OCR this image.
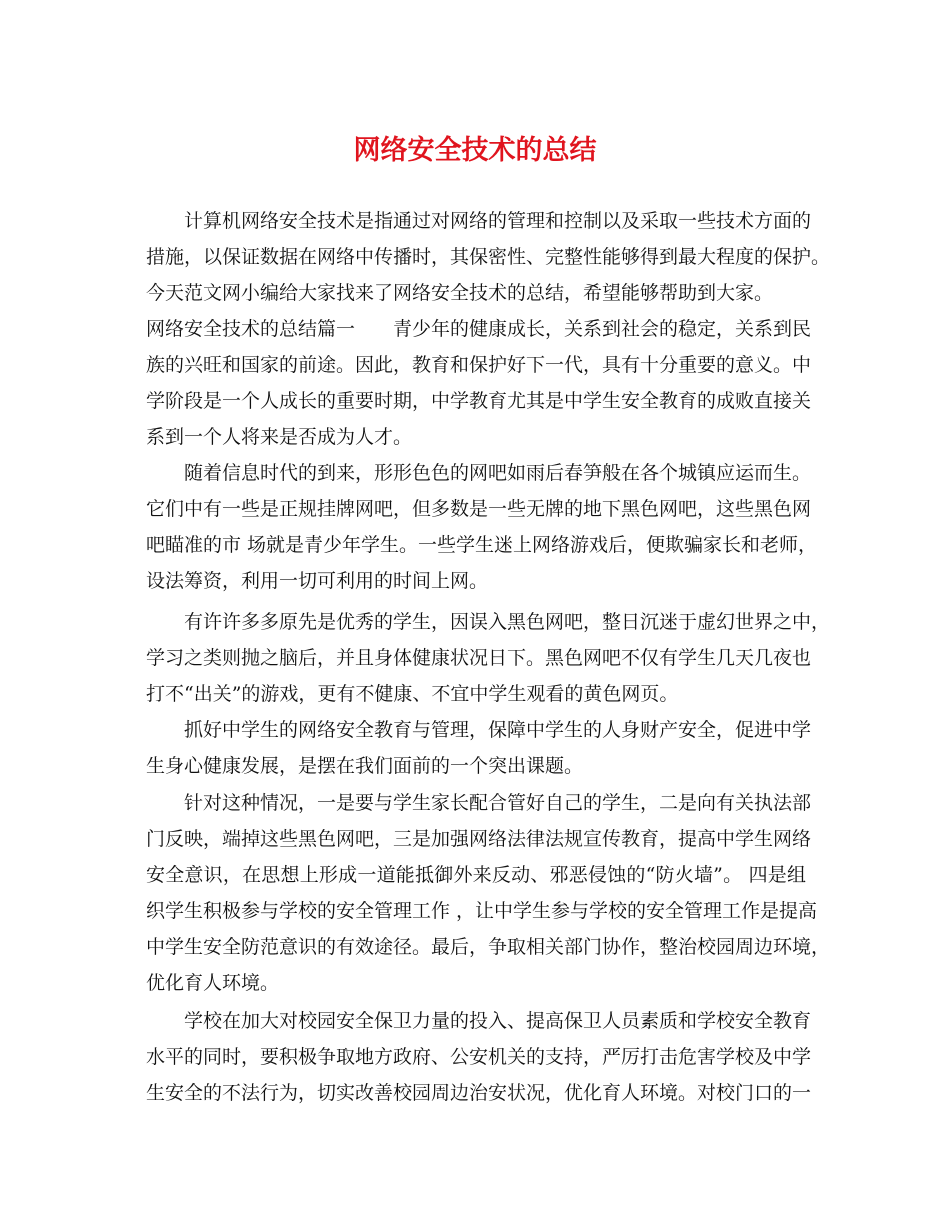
网络安全技术的总结
计算机网络安全技术是指通过对网络的管理和控制以及采取一些技术方面的
措施，以保证数据在网络中传播时，其保密性、完整性能够得到最大程度的保护。
今天范文网小编给大家找来了网络安全技术的总结，希望能够帮助到大家。
网络安全技术的总结篇一　　青少年的健康成长，关系到社会的稳定，关系到民
族的兴旺和国家的前途。因此，教育和保护好下一代，具有十分重要的意义。中
学阶段是一个人成长的重要时期，中学教育尤其是中学生安全教育的成败直接关
系到一个人将来是否成为人才。
随着信息时代的到来，形形色色的网吧如雨后春笋般在各个城镇应运而生。
它们中有一些是正规挂牌网吧，但多数是一些无牌的地下黑色网吧，这些黑色网
吧瞄准的市 场就是青少年学生。一些学生迷上网络游戏后，便欺骗家长和老师，
设法筹资，利用一切可利用的时间上网。
有许许多多原先是优秀的学生，因误入黑色网吧，整日沉迷于虚幻世界之中，
学习之类则抛之脑后，并且身体健康状况日下。黑色网吧不仅有学生几天几夜也
打不“出关”的游戏，更有不健康、不宜中学生观看的黄色网页。
抓好中学生的网络安全教育与管理，保障中学生的人身财产安全，促进中学
生身心健康发展，是摆在我们面前的一个突出课题。
针对这种情况，一是要与学生家长配合管好自己的学生，二是向有关执法部
门反映，端掉这些黑色网吧，三是加强网络法律法规宣传教育，提高中学生网络
安全意识，在思想上形成一道能抵御外来反动、邪恶侵蚀的“防火墙”。 四是组
织学生积极参与学校的安全管理工作 ，让中学生参与学校的安全管理工作是提高
中学生安全防范意识的有效途径。最后，争取相关部门协作，整治校园周边环境，
优化育人环境。
学校在加大对校园安全保卫力量的投入、提高保卫人员素质和学校安全教育
水平的同时，要积极争取地方政府、公安机关的支持，严厉打击危害学校及中学
生安全的不法行为，切实改善校园周边治安状况，优化育人环境。对校门口的一
